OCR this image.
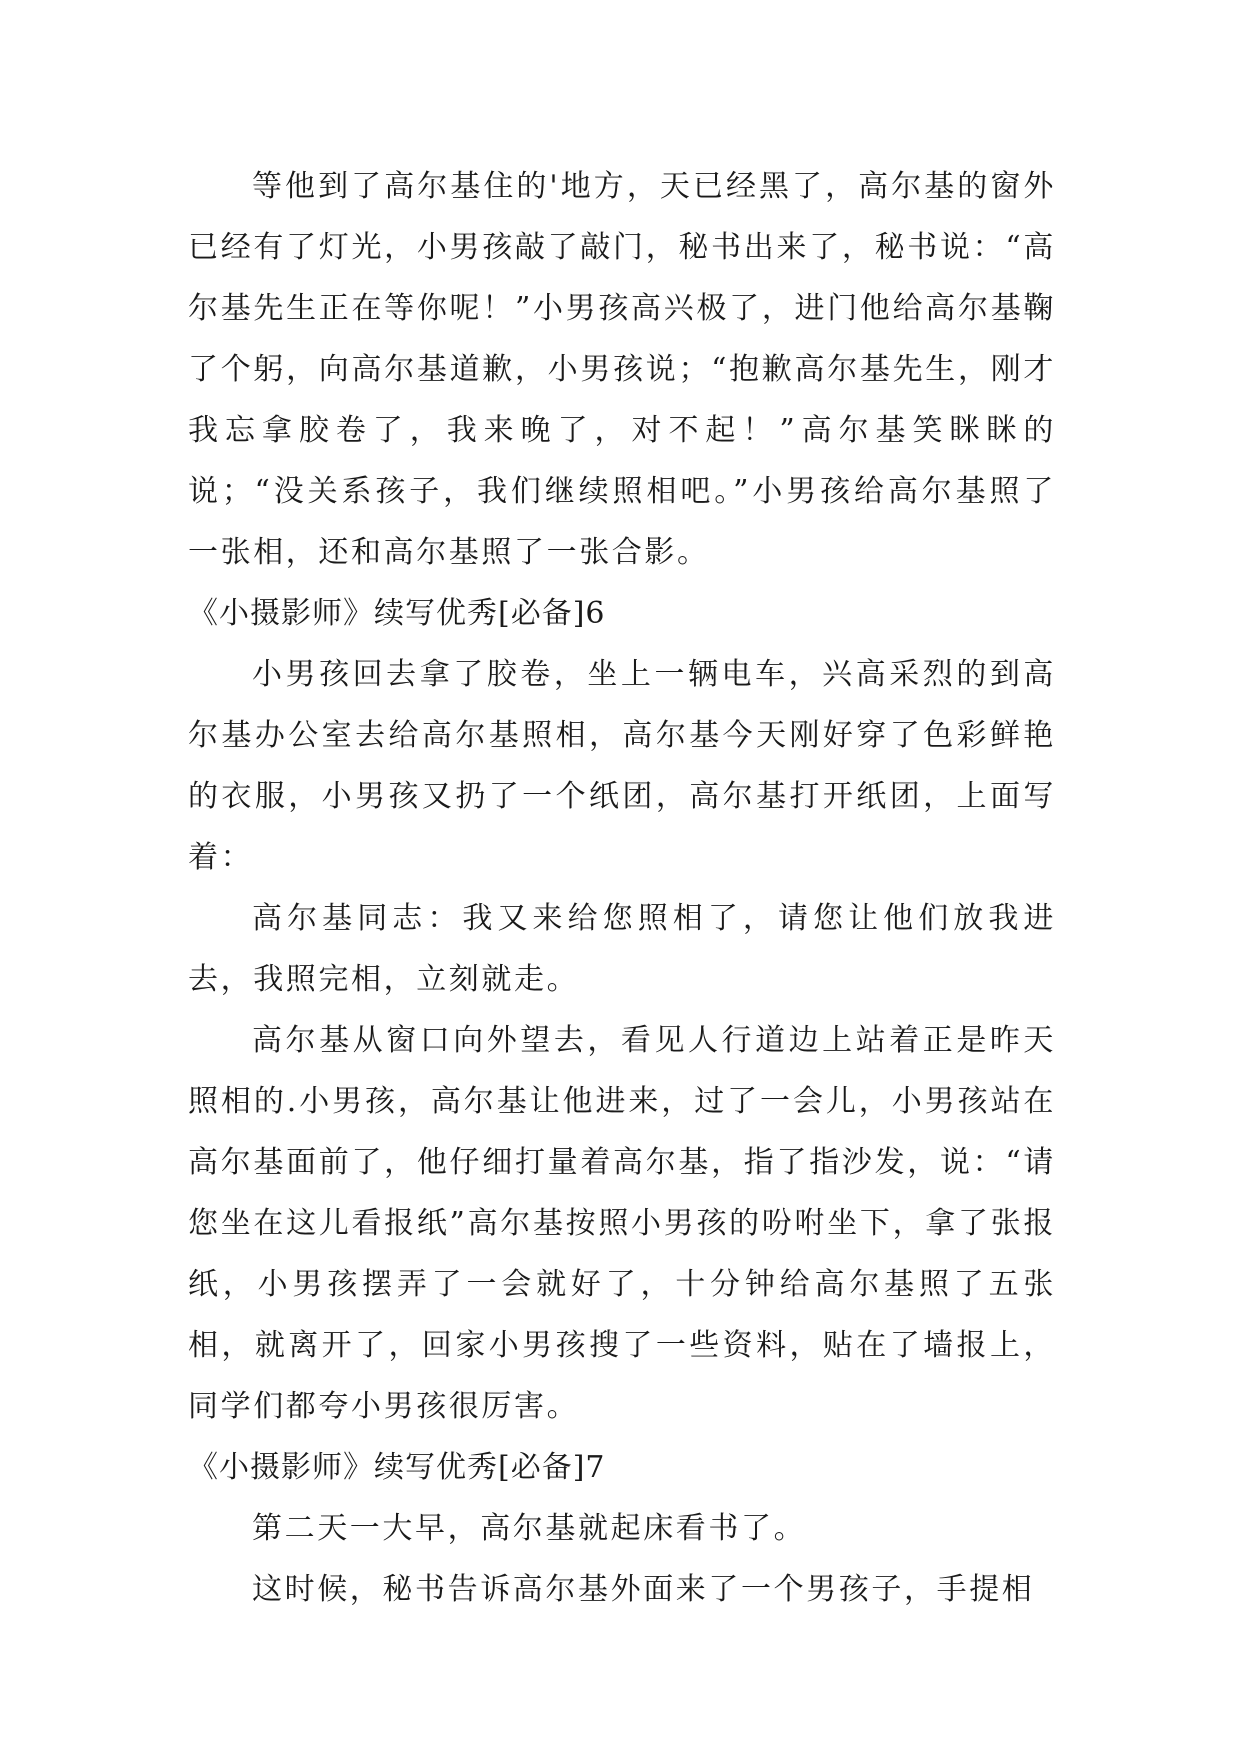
等他到了高尔基住的'地方，天已经黑了，高尔基的窗外已经有了灯光，小男孩敲了敲门，秘书出来了，秘书说：“高尔基先生正在等你呢！”小男孩高兴极了，进门他给高尔基鞠了个躬，向高尔基道歉，小男孩说；“抱歉高尔基先生，刚才我忘拿胶卷了，我来晚了，对不起！”高尔基笑眯眯的说；“没关系孩子，我们继续照相吧。”小男孩给高尔基照了一张相，还和高尔基照了一张合影。

《小摄影师》续写优秀[必备]6

小男孩回去拿了胶卷，坐上一辆电车，兴高采烈的到高尔基办公室去给高尔基照相，高尔基今天刚好穿了色彩鲜艳的衣服，小男孩又扔了一个纸团，高尔基打开纸团，上面写着：

高尔基同志：我又来给您照相了，请您让他们放我进去，我照完相，立刻就走。

高尔基从窗口向外望去，看见人行道边上站着正是昨天照相的.小男孩，高尔基让他进来，过了一会儿，小男孩站在高尔基面前了，他仔细打量着高尔基，指了指沙发，说：“请您坐在这儿看报纸”高尔基按照小男孩的吩咐坐下，拿了张报纸，小男孩摆弄了一会就好了，十分钟给高尔基照了五张相，就离开了，回家小男孩搜了一些资料，贴在了墙报上，同学们都夸小男孩很厉害。

《小摄影师》续写优秀[必备]7

第二天一大早，高尔基就起床看书了。

这时候，秘书告诉高尔基外面来了一个男孩子，手提相
